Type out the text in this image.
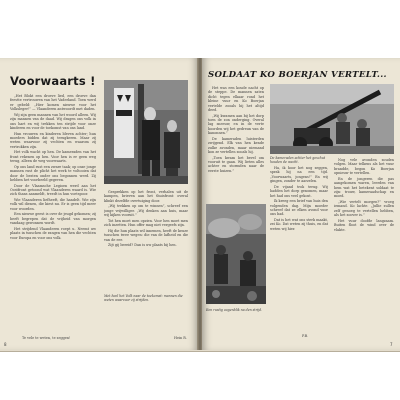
Voorwaarts !

„Het Blokt een droeve lied, een droeve dan feestte vertrouwen van het Vaderland. Toen werd er gebeld: „Hier komen nieuwe voor het Volksleger!” — Vlaanderen antwoordt met daden.

Wij zijn geen mannen van het woord alleen. Wij zijn mannen van de daad. Wij dragen ons volk in ons hart en wij trekken ten strijde voor onze kinderen en voor de toekomst van ons land.

Hun vrouwen en kinderen bleven achter; hun moeders bidden dat zij terugkeren. Maar zij weten waarvoor zij vechten en waarom zij vertrokken zijn.

Het volk wacht op hen. De kameraden van het front rekenen op hen. Voor hen is er geen weg terug, alleen de weg voorwaarts.

Op ons land rust een zware taak; op onze jonge mannen rust de plicht het werk te voltooien dat door de besten onder ons begonnen werd. Zij hebben het voorbeeld gegeven.

Door de Vlaamsche Legioen werd aan het Oostfront getoond wat Vlaanderen waard is. Wie zich thans aanmeldt, treedt in hun voetspoor.

Wie Vlaanderen liefheeft, die handelt. Wie zijn volk wil dienen, die kiest nu. Er is geen tijd meer voor woorden.

Een nieuwe geest is over de jeugd gekomen; zij heeft begrepen dat de vrijheid van morgen vandaag gewonnen wordt.

Het strijdend Vlaanderen roept u. Neemt uw plaats in tusschen de rangen van hen die vechten voor Europa en voor ons volk.

Gesprekken op het front, verhalen uit de kampen, brieven aan het thuisfront: overal klinkt dezelfde overtuiging door.

„Wij trekken op om te winnen”, schreef een jonge vrijwilliger. „Wij denken aan huis, maar wij kijken vooruit.”

Tot hen moet men opzien. Voor hen moet men zich inzetten. Hun offer mag niet vergeefs zijn.

Hij die hun plaats wil innemen, heeft de keuze tusschen twee wegen: die van de lafheid en die van de eer.

Zijt gij bereid? Dan is uw plaats bij hen.

Met heel het Volk naar de toekomst: mannen die weten waarvoor zij strijden.
Te vele te weten, te zeggen!	Hein R.
8
SOLDAAT KO BOERJAN VERTELT...

Het was een koude nacht op de steppe. De mannen zaten dicht tegen elkaar rond het kleine vuur en Ko Boerjan vertelde zooals hij het altijd deed.

„Wij kwamen aan bij het dorp toen de zon onderging. Overal lag sneeuw, en in de verte hoorden wij het gedreun van de kanonnen.”

De kameraden luisterden zwijgend. Elk van hen kende zulke avonden, maar niemand kon ze vertellen zooals hij.

„Toen kwam het bevel om vooruit te gaan. Wij lieten alles achter en stormden naar de eerste huizen.”

Ha, ik hoor het nog zeggen, sprak hij na een tijd. „Voorwaarts, jongens!” En wij gingen, zonder te aarzelen.

De vijand trok terug. Wij hadden het dorp genomen, maar het had ons veel gekost.

Ik kreeg een brief van huis den volgenden dag. Mijn moeder schreef dat ze elken avond voor ons bad.

Dat is het wat ons sterk maakt, zei Ko. Dat weten zij thuis, en dat weten wij hier.

Nog vele avonden zouden volgen. Maar telkens als het vuur brandde, begon Ko Boerjan opnieuw te vertellen.

En de jongeren die pas aangekomen waren, leerden van hem wat het betekent soldaat te zijn: trouw, kameraadschap en moed.

„Wie vertelt morgen?” vroeg iemand. Ko lachte. „Jullie zullen zelf genoeg te vertellen hebben, als het zoover is.”

Het vuur doofde langzaam. Buiten floot de wind over de vlakte.

De kameraden achter het geschut houden de wacht.
Een rustig oogenblik na den strijd.
P.B.
7
